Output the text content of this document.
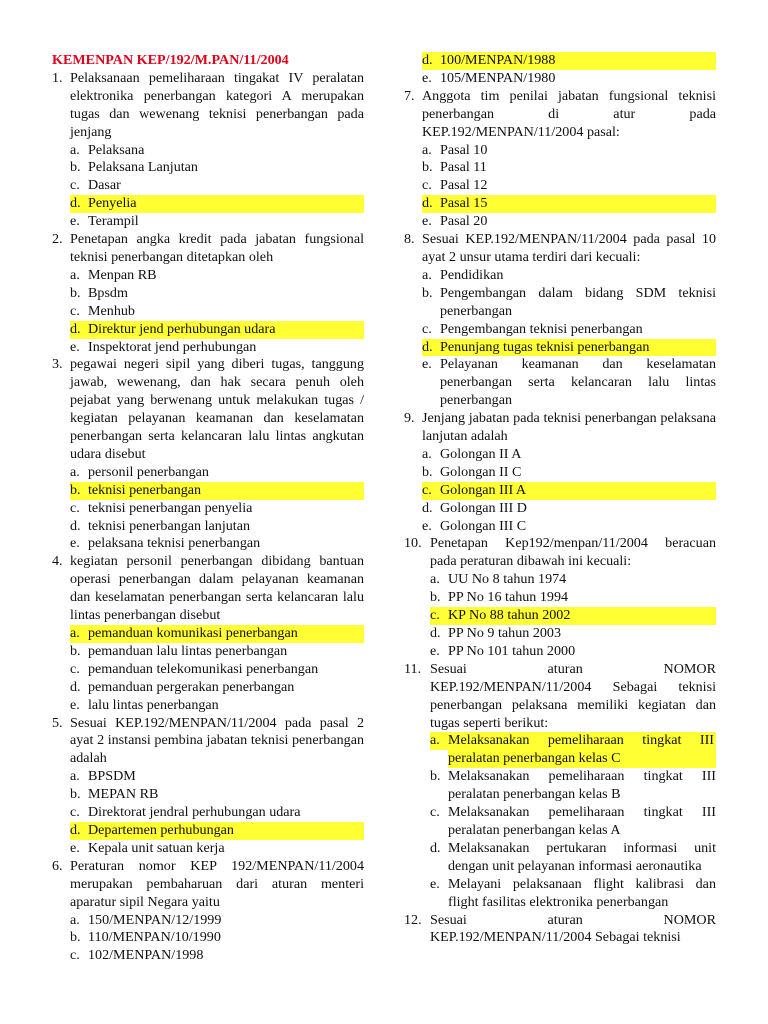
KEMENPAN KEP/192/M.PAN/11/2004

1. Pelaksanaan pemeliharaan tingakat IV peralatan elektronika penerbangan kategori A merupakan tugas dan wewenang teknisi penerbangan pada jenjang
a. Pelaksana
b. Pelaksana Lanjutan
c. Dasar
d. Penyelia
e. Terampil
2. Penetapan angka kredit pada jabatan fungsional teknisi penerbangan ditetapkan oleh
a. Menpan RB
b. Bpsdm
c. Menhub
d. Direktur jend perhubungan udara
e. Inspektorat jend perhubungan
3. pegawai negeri sipil yang diberi tugas, tanggung jawab, wewenang, dan hak secara penuh oleh pejabat yang berwenang untuk melakukan tugas / kegiatan pelayanan keamanan dan keselamatan penerbangan serta kelancaran lalu lintas angkutan udara disebut
a. personil penerbangan
b. teknisi penerbangan
c. teknisi penerbangan penyelia
d. teknisi penerbangan lanjutan
e. pelaksana teknisi penerbangan
4. kegiatan personil penerbangan dibidang bantuan operasi penerbangan dalam pelayanan keamanan dan keselamatan penerbangan serta kelancaran lalu lintas penerbangan disebut
a. pemanduan komunikasi penerbangan
b. pemanduan lalu lintas penerbangan
c. pemanduan telekomunikasi penerbangan
d. pemanduan pergerakan penerbangan
e. lalu lintas penerbangan
5. Sesuai KEP.192/MENPAN/11/2004 pada pasal 2 ayat 2 instansi pembina jabatan teknisi penerbangan adalah
a. BPSDM
b. MEPAN RB
c. Direktorat jendral perhubungan udara
d. Departemen perhubungan
e. Kepala unit satuan kerja
6. Peraturan nomor KEP 192/MENPAN/11/2004 merupakan pembaharuan dari aturan menteri aparatur sipil Negara yaitu
a. 150/MENPAN/12/1999
b. 110/MENPAN/10/1990
c. 102/MENPAN/1998
d. 100/MENPAN/1988
e. 105/MENPAN/1980
7. Anggota tim penilai jabatan fungsional teknisi penerbangan di atur pada KEP.192/MENPAN/11/2004 pasal:
a. Pasal 10
b. Pasal 11
c. Pasal 12
d. Pasal 15
e. Pasal 20
8. Sesuai KEP.192/MENPAN/11/2004 pada pasal 10 ayat 2 unsur utama terdiri dari kecuali:
a. Pendidikan
b. Pengembangan dalam bidang SDM teknisi penerbangan
c. Pengembangan teknisi penerbangan
d. Penunjang tugas teknisi penerbangan
e. Pelayanan keamanan dan keselamatan penerbangan serta kelancaran lalu lintas penerbangan
9. Jenjang jabatan pada teknisi penerbangan pelaksana lanjutan adalah
a. Golongan II A
b. Golongan II C
c. Golongan III A
d. Golongan III D
e. Golongan III C
10. Penetapan Kep192/menpan/11/2004 beracuan pada peraturan dibawah ini kecuali:
a. UU No 8 tahun 1974
b. PP No 16 tahun 1994
c. KP No 88 tahun 2002
d. PP No 9 tahun 2003
e. PP No 101 tahun 2000
11. Sesuai aturan NOMOR KEP.192/MENPAN/11/2004 Sebagai teknisi penerbangan pelaksana memiliki kegiatan dan tugas seperti berikut:
a. Melaksanakan pemeliharaan tingkat III peralatan penerbangan kelas C
b. Melaksanakan pemeliharaan tingkat III peralatan penerbangan kelas B
c. Melaksanakan pemeliharaan tingkat III peralatan penerbangan kelas A
d. Melaksanakan pertukaran informasi unit dengan unit pelayanan informasi aeronautika
e. Melayani pelaksanaan flight kalibrasi dan flight fasilitas elektronika penerbangan
12. Sesuai aturan NOMOR KEP.192/MENPAN/11/2004 Sebagai teknisi
